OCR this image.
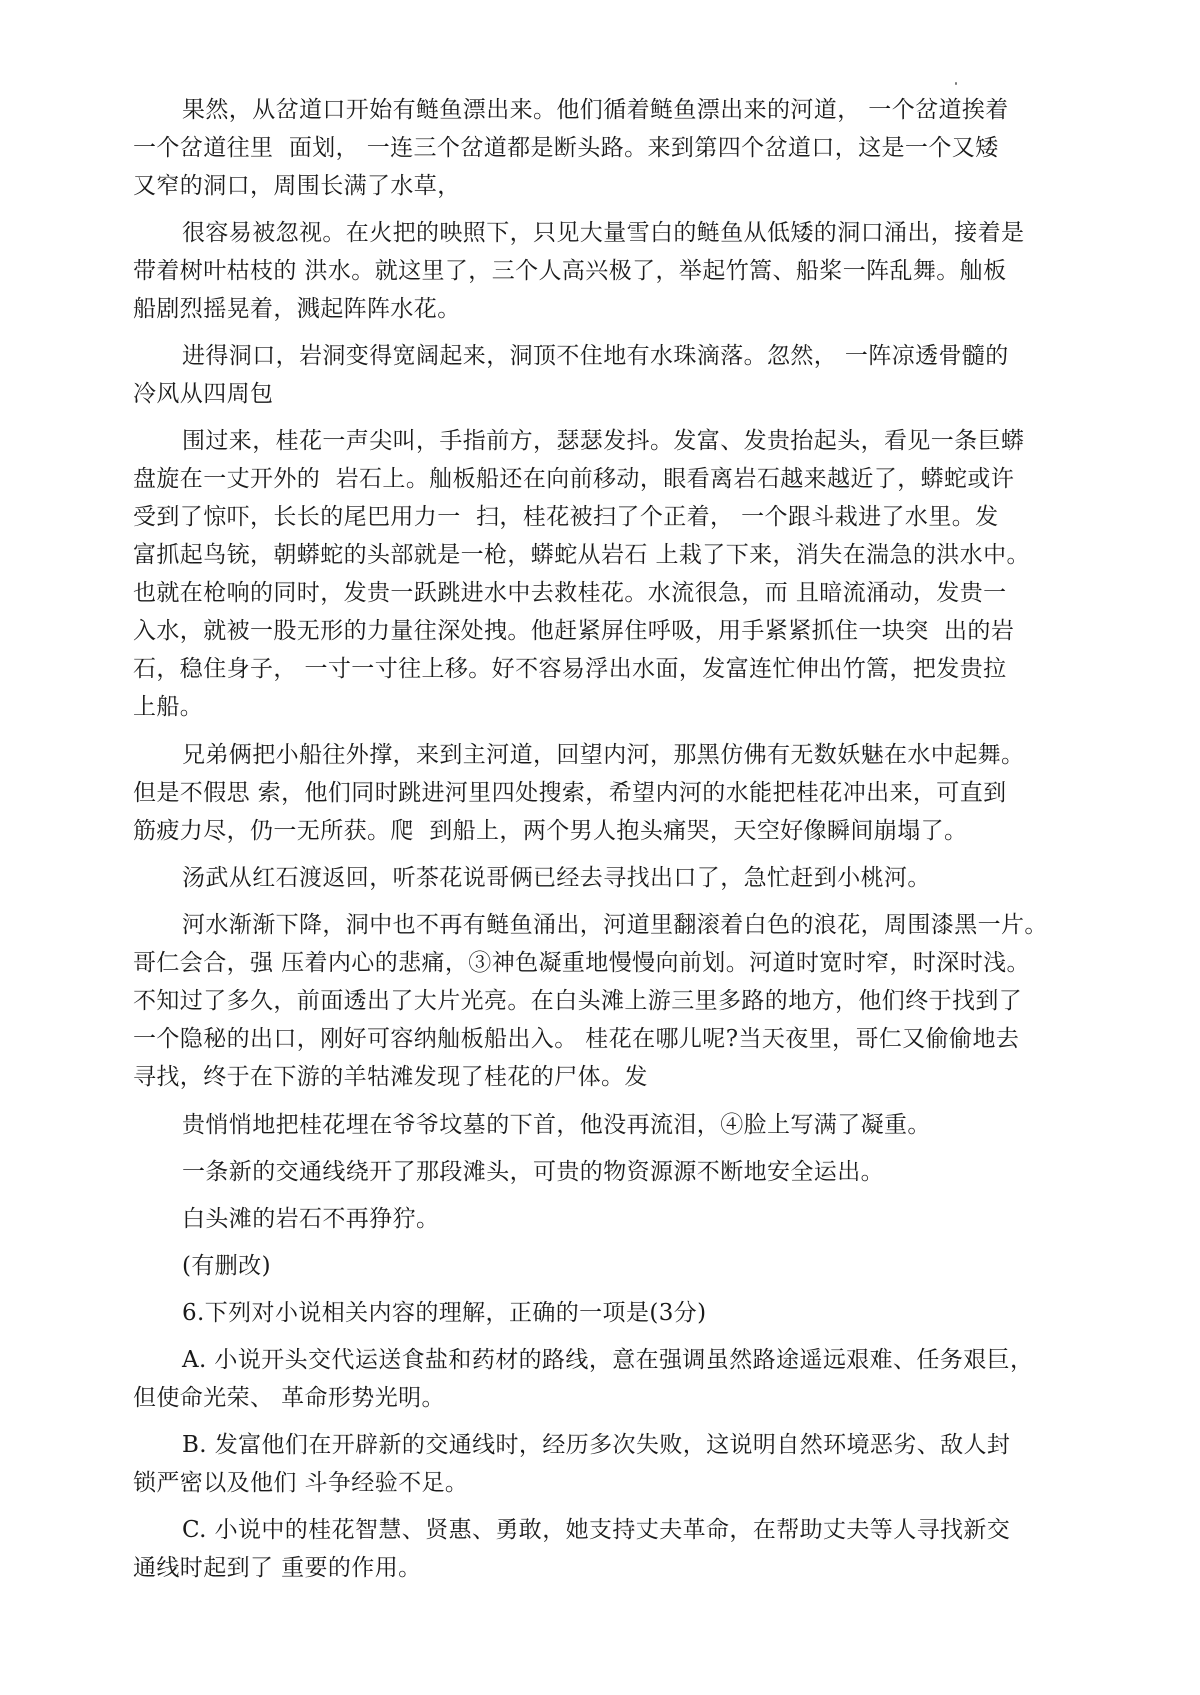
果然，从岔道口开始有鲢鱼漂出来。他们循着鲢鱼漂出来的河道， 一个岔道挨着
一个岔道往里  面划， 一连三个岔道都是断头路。来到第四个岔道口，这是一个又矮
又窄的洞口，周围长满了水草，
很容易被忽视。在火把的映照下，只见大量雪白的鲢鱼从低矮的洞口涌出，接着是
带着树叶枯枝的 洪水。就这里了，三个人高兴极了，举起竹篙、船桨一阵乱舞。舢板
船剧烈摇晃着，溅起阵阵水花。
进得洞口，岩洞变得宽阔起来，洞顶不住地有水珠滴落。忽然， 一阵凉透骨髓的
冷风从四周包
围过来，桂花一声尖叫，手指前方，瑟瑟发抖。发富、发贵抬起头，看见一条巨蟒
盘旋在一丈开外的  岩石上。舢板船还在向前移动，眼看离岩石越来越近了，蟒蛇或许
受到了惊吓，长长的尾巴用力一  扫，桂花被扫了个正着， 一个跟斗栽进了水里。发
富抓起鸟铳，朝蟒蛇的头部就是一枪，蟒蛇从岩石 上栽了下来，消失在湍急的洪水中。
也就在枪响的同时，发贵一跃跳进水中去救桂花。水流很急，而 且暗流涌动，发贵一
入水，就被一股无形的力量往深处拽。他赶紧屏住呼吸，用手紧紧抓住一块突  出的岩
石，稳住身子， 一寸一寸往上移。好不容易浮出水面，发富连忙伸出竹篙，把发贵拉
上船。
兄弟俩把小船往外撑，来到主河道，回望内河，那黑仿佛有无数妖魅在水中起舞。
但是不假思 索，他们同时跳进河里四处搜索，希望内河的水能把桂花冲出来，可直到
筋疲力尽，仍一无所获。爬  到船上，两个男人抱头痛哭，天空好像瞬间崩塌了。
汤武从红石渡返回，听茶花说哥俩已经去寻找出口了，急忙赶到小桃河。
河水渐渐下降，洞中也不再有鲢鱼涌出，河道里翻滚着白色的浪花，周围漆黑一片。
哥仁会合，强 压着内心的悲痛，③神色凝重地慢慢向前划。河道时宽时窄，时深时浅。
不知过了多久，前面透出了大片光亮。在白头滩上游三里多路的地方，他们终于找到了
一个隐秘的出口，刚好可容纳舢板船出入。 桂花在哪儿呢?当天夜里，哥仁又偷偷地去
寻找，终于在下游的羊牯滩发现了桂花的尸体。发
贵悄悄地把桂花埋在爷爷坟墓的下首，他没再流泪，④脸上写满了凝重。
一条新的交通线绕开了那段滩头，可贵的物资源源不断地安全运出。
白头滩的岩石不再狰狞。
(有删改)
6.下列对小说相关内容的理解，正确的一项是(3分)
A. 小说开头交代运送食盐和药材的路线，意在强调虽然路途遥远艰难、任务艰巨，
但使命光荣、 革命形势光明。
B. 发富他们在开辟新的交通线时，经历多次失败，这说明自然环境恶劣、敌人封
锁严密以及他们 斗争经验不足。
C. 小说中的桂花智慧、贤惠、勇敢，她支持丈夫革命，在帮助丈夫等人寻找新交
通线时起到了 重要的作用。
